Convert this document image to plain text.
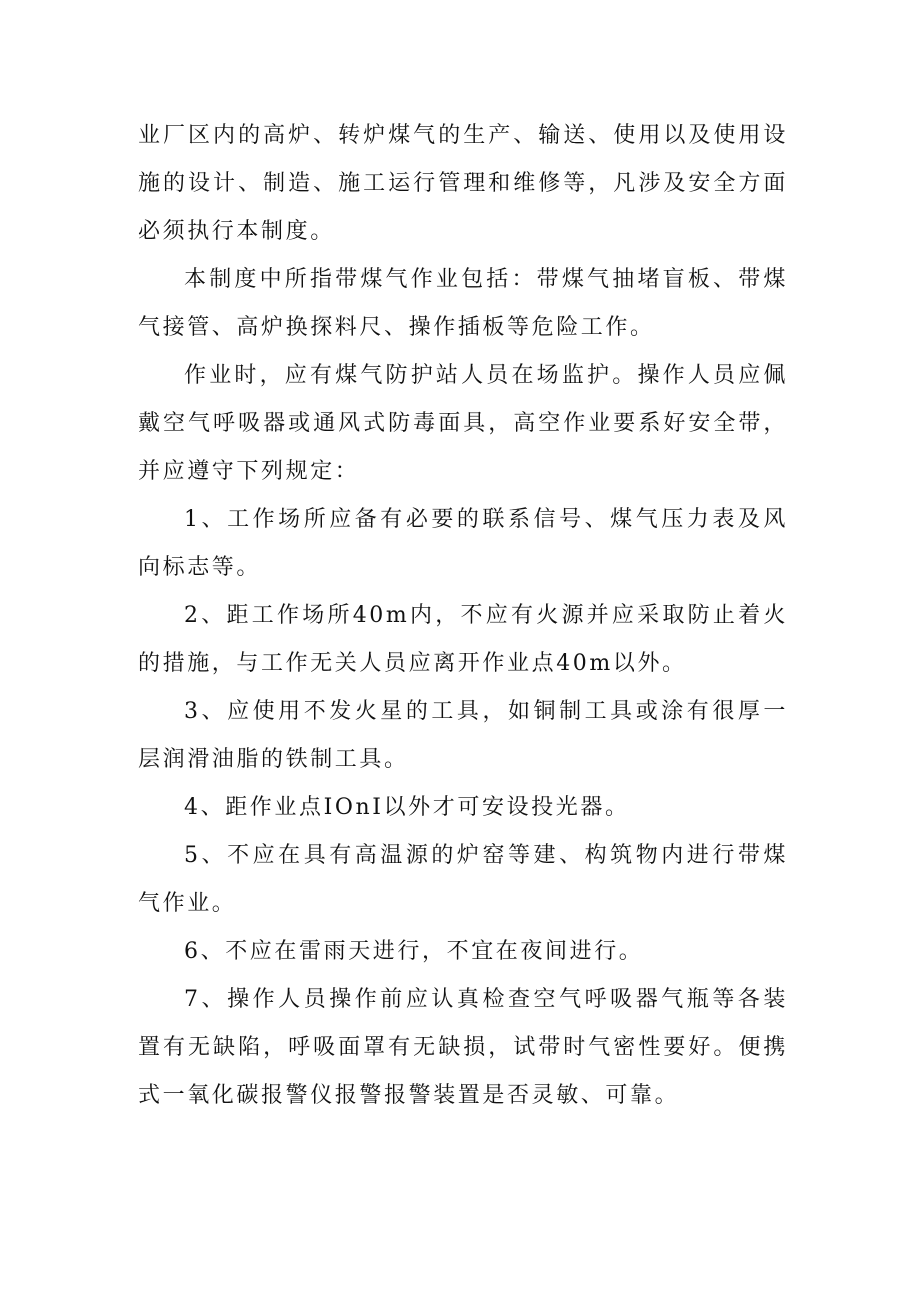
业厂区内的高炉、转炉煤气的生产、输送、使用以及使用设施的设计、制造、施工运行管理和维修等，凡涉及安全方面必须执行本制度。

本制度中所指带煤气作业包括：带煤气抽堵盲板、带煤气接管、高炉换探料尺、操作插板等危险工作。

作业时，应有煤气防护站人员在场监护。操作人员应佩戴空气呼吸器或通风式防毒面具，高空作业要系好安全带，并应遵守下列规定：

1、工作场所应备有必要的联系信号、煤气压力表及风向标志等。

2、距工作场所40m内，不应有火源并应采取防止着火的措施，与工作无关人员应离开作业点40m以外。

3、应使用不发火星的工具，如铜制工具或涂有很厚一层润滑油脂的铁制工具。

4、距作业点IOnI以外才可安设投光器。

5、不应在具有高温源的炉窑等建、构筑物内进行带煤气作业。

6、不应在雷雨天进行，不宜在夜间进行。

7、操作人员操作前应认真检查空气呼吸器气瓶等各装置有无缺陷，呼吸面罩有无缺损，试带时气密性要好。便携式一氧化碳报警仪报警报警装置是否灵敏、可靠。
